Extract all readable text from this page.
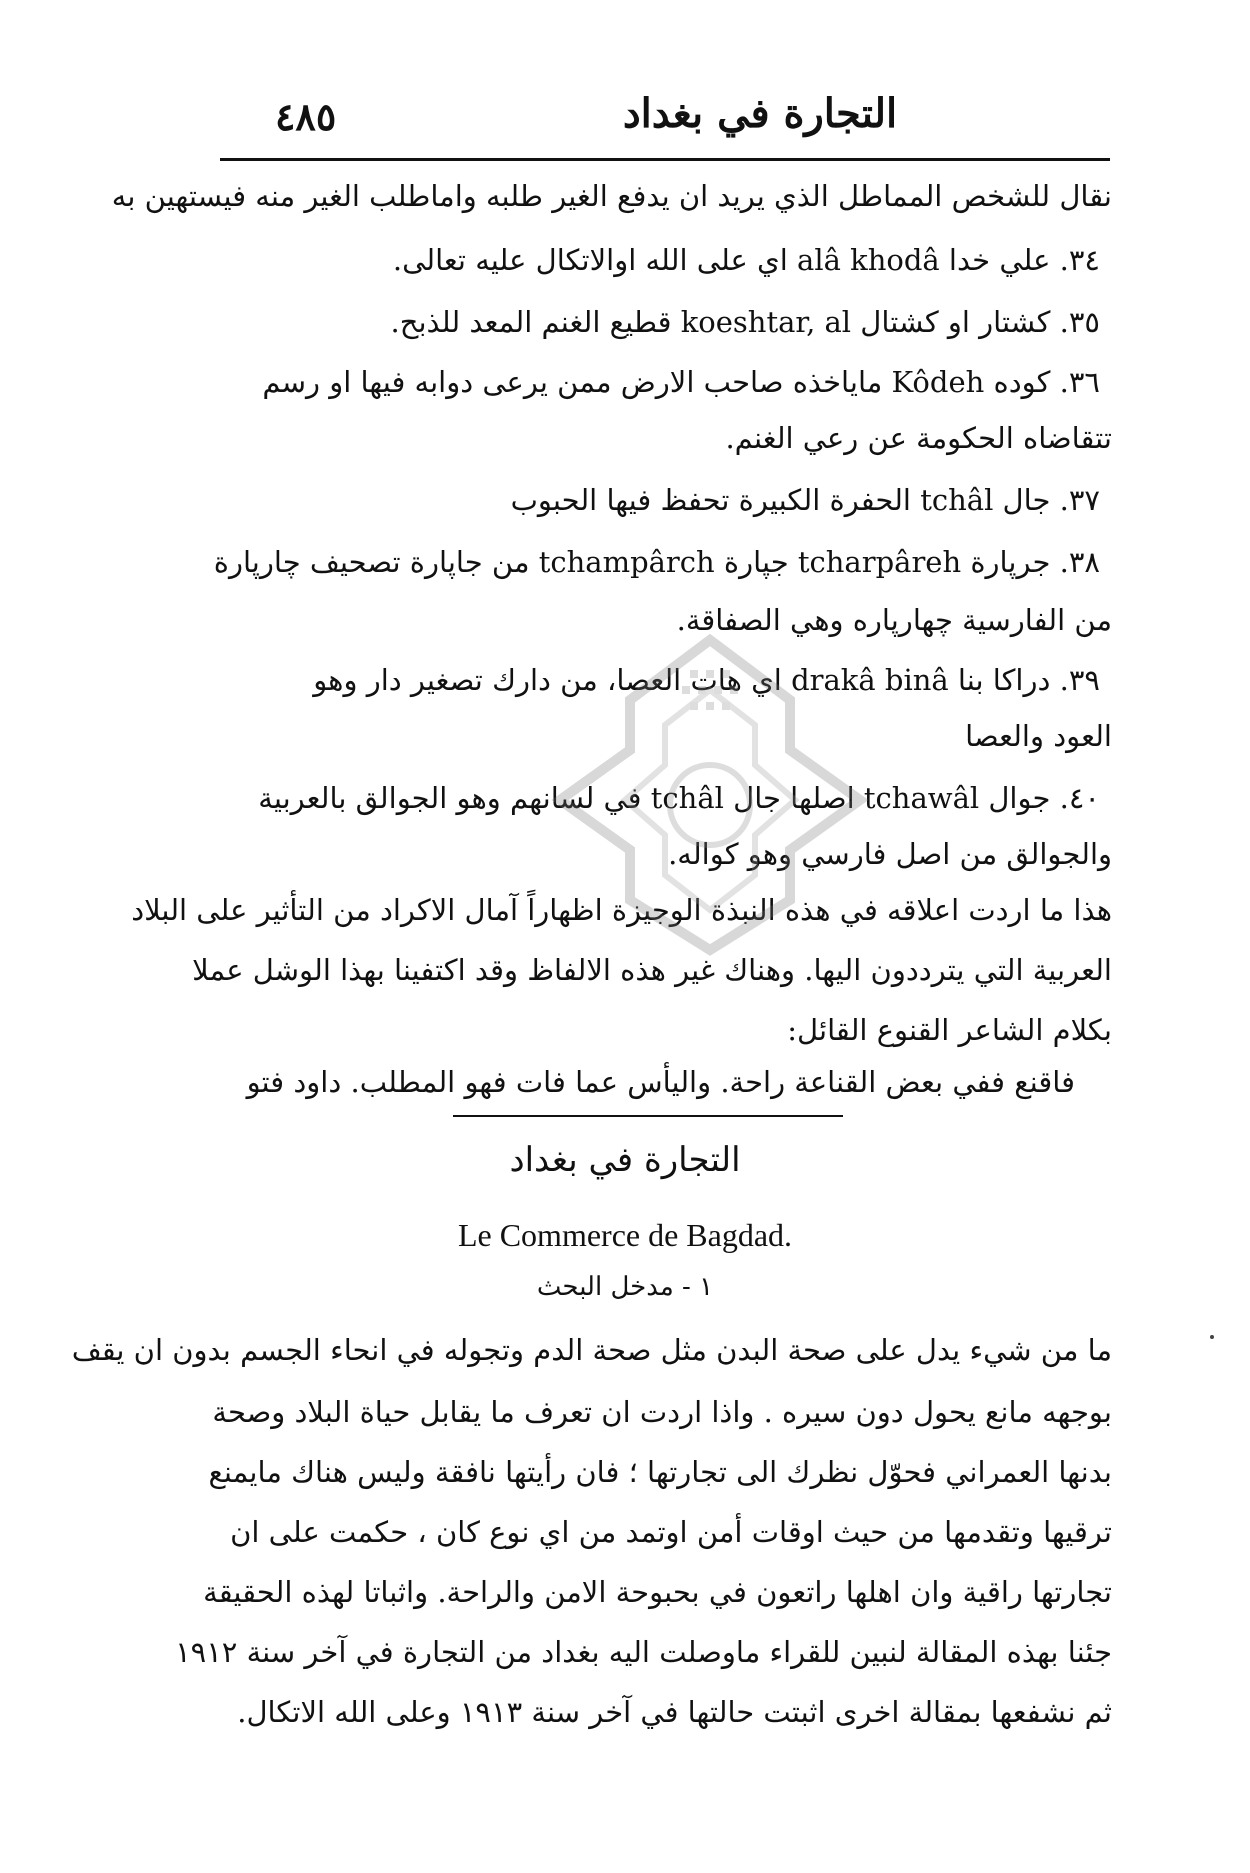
٤٨٥	التجارة في بغداد
نقال للشخص المماطل الذي يريد ان يدفع الغير طلبه واماطلب الغير منه فيستهين به
٣٤. علي خدا alâ khodâ اي على الله اوالاتكال عليه تعالى.
٣٥. كشتار او كشتال koeshtar, al قطيع الغنم المعد للذبح.
٣٦. كوده Kôdeh ماياخذه صاحب الارض ممن يرعى دوابه فيها او رسم
تتقاضاه الحكومة عن رعي الغنم.
٣٧. جال tchâl الحفرة الكبيرة تحفظ فيها الحبوب
٣٨. جرپارة tcharpâreh جپارة tchampârch من جاپارة تصحيف چارپارة
من الفارسية چهارپاره وهي الصفاقة.
٣٩. دراكا بنا drakâ binâ اي هات العصا، من دارك تصغير دار وهو
العود والعصا
٤٠. جوال tchawâl اصلها جال tchâl في لسانهم وهو الجوالق بالعربية
والجوالق من اصل فارسي وهو كواله.
هذا ما اردت اعلاقه في هذه النبذة الوجيزة اظهاراً آمال الاكراد من التأثير على البلاد
العربية التي يترددون اليها. وهناك غير هذه الالفاظ وقد اكتفينا بهذا الوشل عملا
بكلام الشاعر القنوع القائل:
فاقنع ففي بعض القناعة راحة. واليأس عما فات فهو المطلب. داود فتو
التجارة في بغداد
Le Commerce de Bagdad.
١ - مدخل البحث
ما من شيء يدل على صحة البدن مثل صحة الدم وتجوله في انحاء الجسم بدون ان يقف
بوجهه مانع يحول دون سيره . واذا اردت ان تعرف ما يقابل حياة البلاد وصحة
بدنها العمراني فحوّل نظرك الى تجارتها ؛ فان رأيتها نافقة وليس هناك مايمنع
ترقيها وتقدمها من حيث اوقات أمن اوتمد من اي نوع كان ، حكمت على ان
تجارتها راقية وان اهلها راتعون في بحبوحة الامن والراحة. واثباتا لهذه الحقيقة
جئنا بهذه المقالة لنبين للقراء ماوصلت اليه بغداد من التجارة في آخر سنة ١٩١٢
ثم نشفعها بمقالة اخرى اثبتت حالتها في آخر سنة ١٩١٣ وعلى الله الاتكال.
